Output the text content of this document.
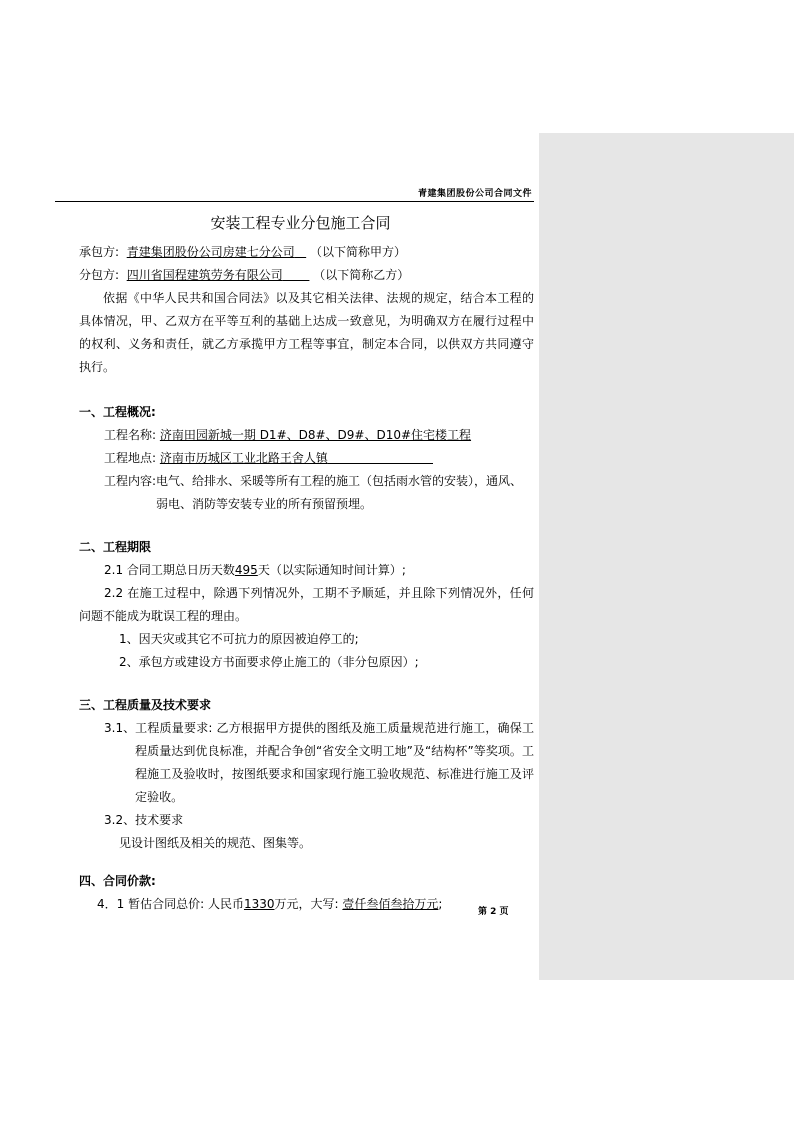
青建集团股份公司合同文件
安装工程专业分包施工合同
承包方: 青建集团股份公司房建七分公司 （以下简称甲方）
分包方: 四川省国程建筑劳务有限公司	（以下简称乙方）
依据《中华人民共和国合同法》以及其它相关法律、法规的规定，结合本工程的具体情况，甲、乙双方在平等互利的基础上达成一致意见，为明确双方在履行过程中的权利、义务和责任，就乙方承揽甲方工程等事宜，制定本合同，以供双方共同遵守执行。
一、工程概况:
工程名称: 济南田园新城一期 D1#、D8#、D9#、D10#住宅楼工程
工程地点: 济南市历城区工业北路王舍人镇
工程内容: 电气、给排水、采暖等所有工程的施工（包括雨水管的安装），通风、弱电、消防等安装专业的所有预留预埋。
二、工程期限
2.1 合同工期总日历天数495天（以实际通知时间计算）;
2.2 在施工过程中，除遇下列情况外，工期不予顺延，并且除下列情况外，任何问题不能成为耽误工程的理由。
1、因天灾或其它不可抗力的原因被迫停工的;
2、承包方或建设方书面要求停止施工的（非分包原因）;
三、工程质量及技术要求
3.1、 工程质量要求: 乙方根据甲方提供的图纸及施工质量规范进行施工，确保工程质量达到优良标准，并配合争创“省安全文明工地”及“结构杯”等奖项。工程施工及验收时，按图纸要求和国家现行施工验收规范、标准进行施工及评定验收。
3.2、技术要求
见设计图纸及相关的规范、图集等。
四、合同价款:
4．1 暂估合同总价: 人民币1330万元，大写: 壹仟叁佰叁拾万元;
第 2 页
